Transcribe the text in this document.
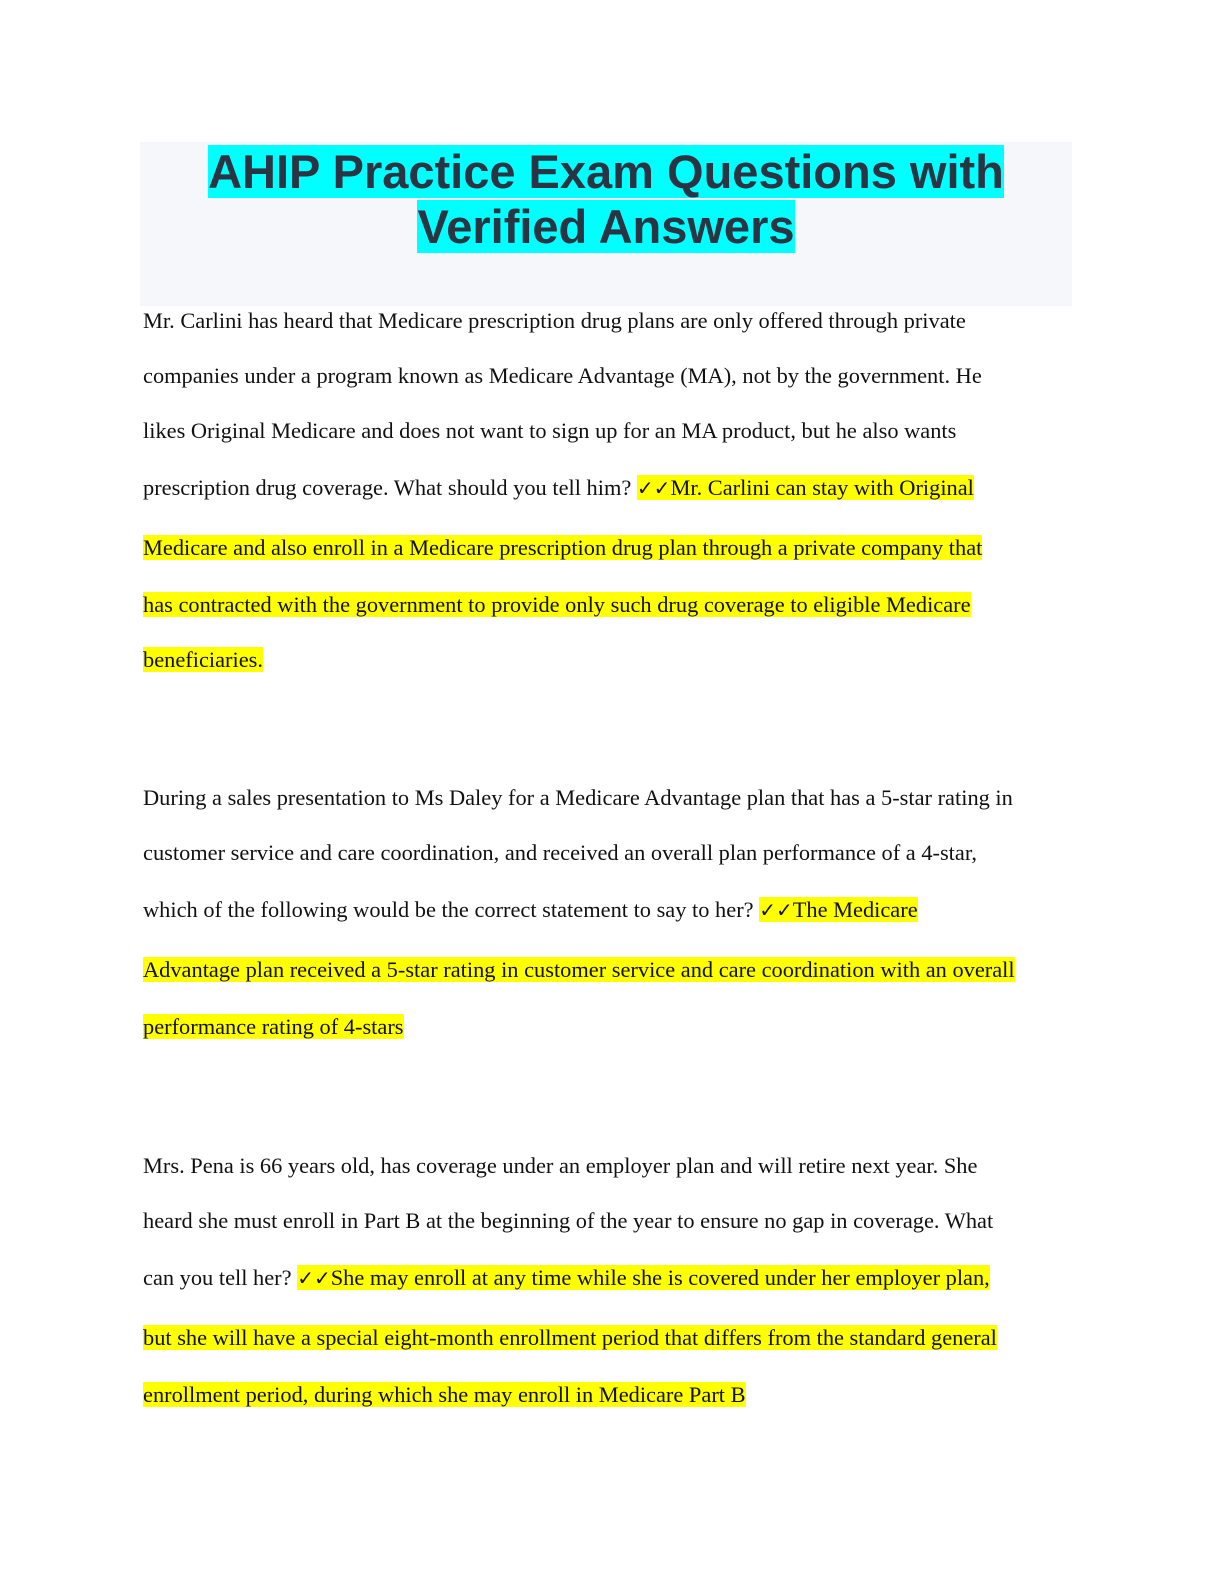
AHIP Practice Exam Questions with
Verified Answers
Mr. Carlini has heard that Medicare prescription drug plans are only offered through private
companies under a program known as Medicare Advantage (MA), not by the government. He
likes Original Medicare and does not want to sign up for an MA product, but he also wants
prescription drug coverage. What should you tell him? ✓✓Mr. Carlini can stay with Original
Medicare and also enroll in a Medicare prescription drug plan through a private company that
has contracted with the government to provide only such drug coverage to eligible Medicare
beneficiaries.
During a sales presentation to Ms Daley for a Medicare Advantage plan that has a 5-star rating in
customer service and care coordination, and received an overall plan performance of a 4-star,
which of the following would be the correct statement to say to her? ✓✓The Medicare
Advantage plan received a 5-star rating in customer service and care coordination with an overall
performance rating of 4-stars
Mrs. Pena is 66 years old, has coverage under an employer plan and will retire next year. She
heard she must enroll in Part B at the beginning of the year to ensure no gap in coverage. What
can you tell her? ✓✓She may enroll at any time while she is covered under her employer plan,
but she will have a special eight-month enrollment period that differs from the standard general
enrollment period, during which she may enroll in Medicare Part B
